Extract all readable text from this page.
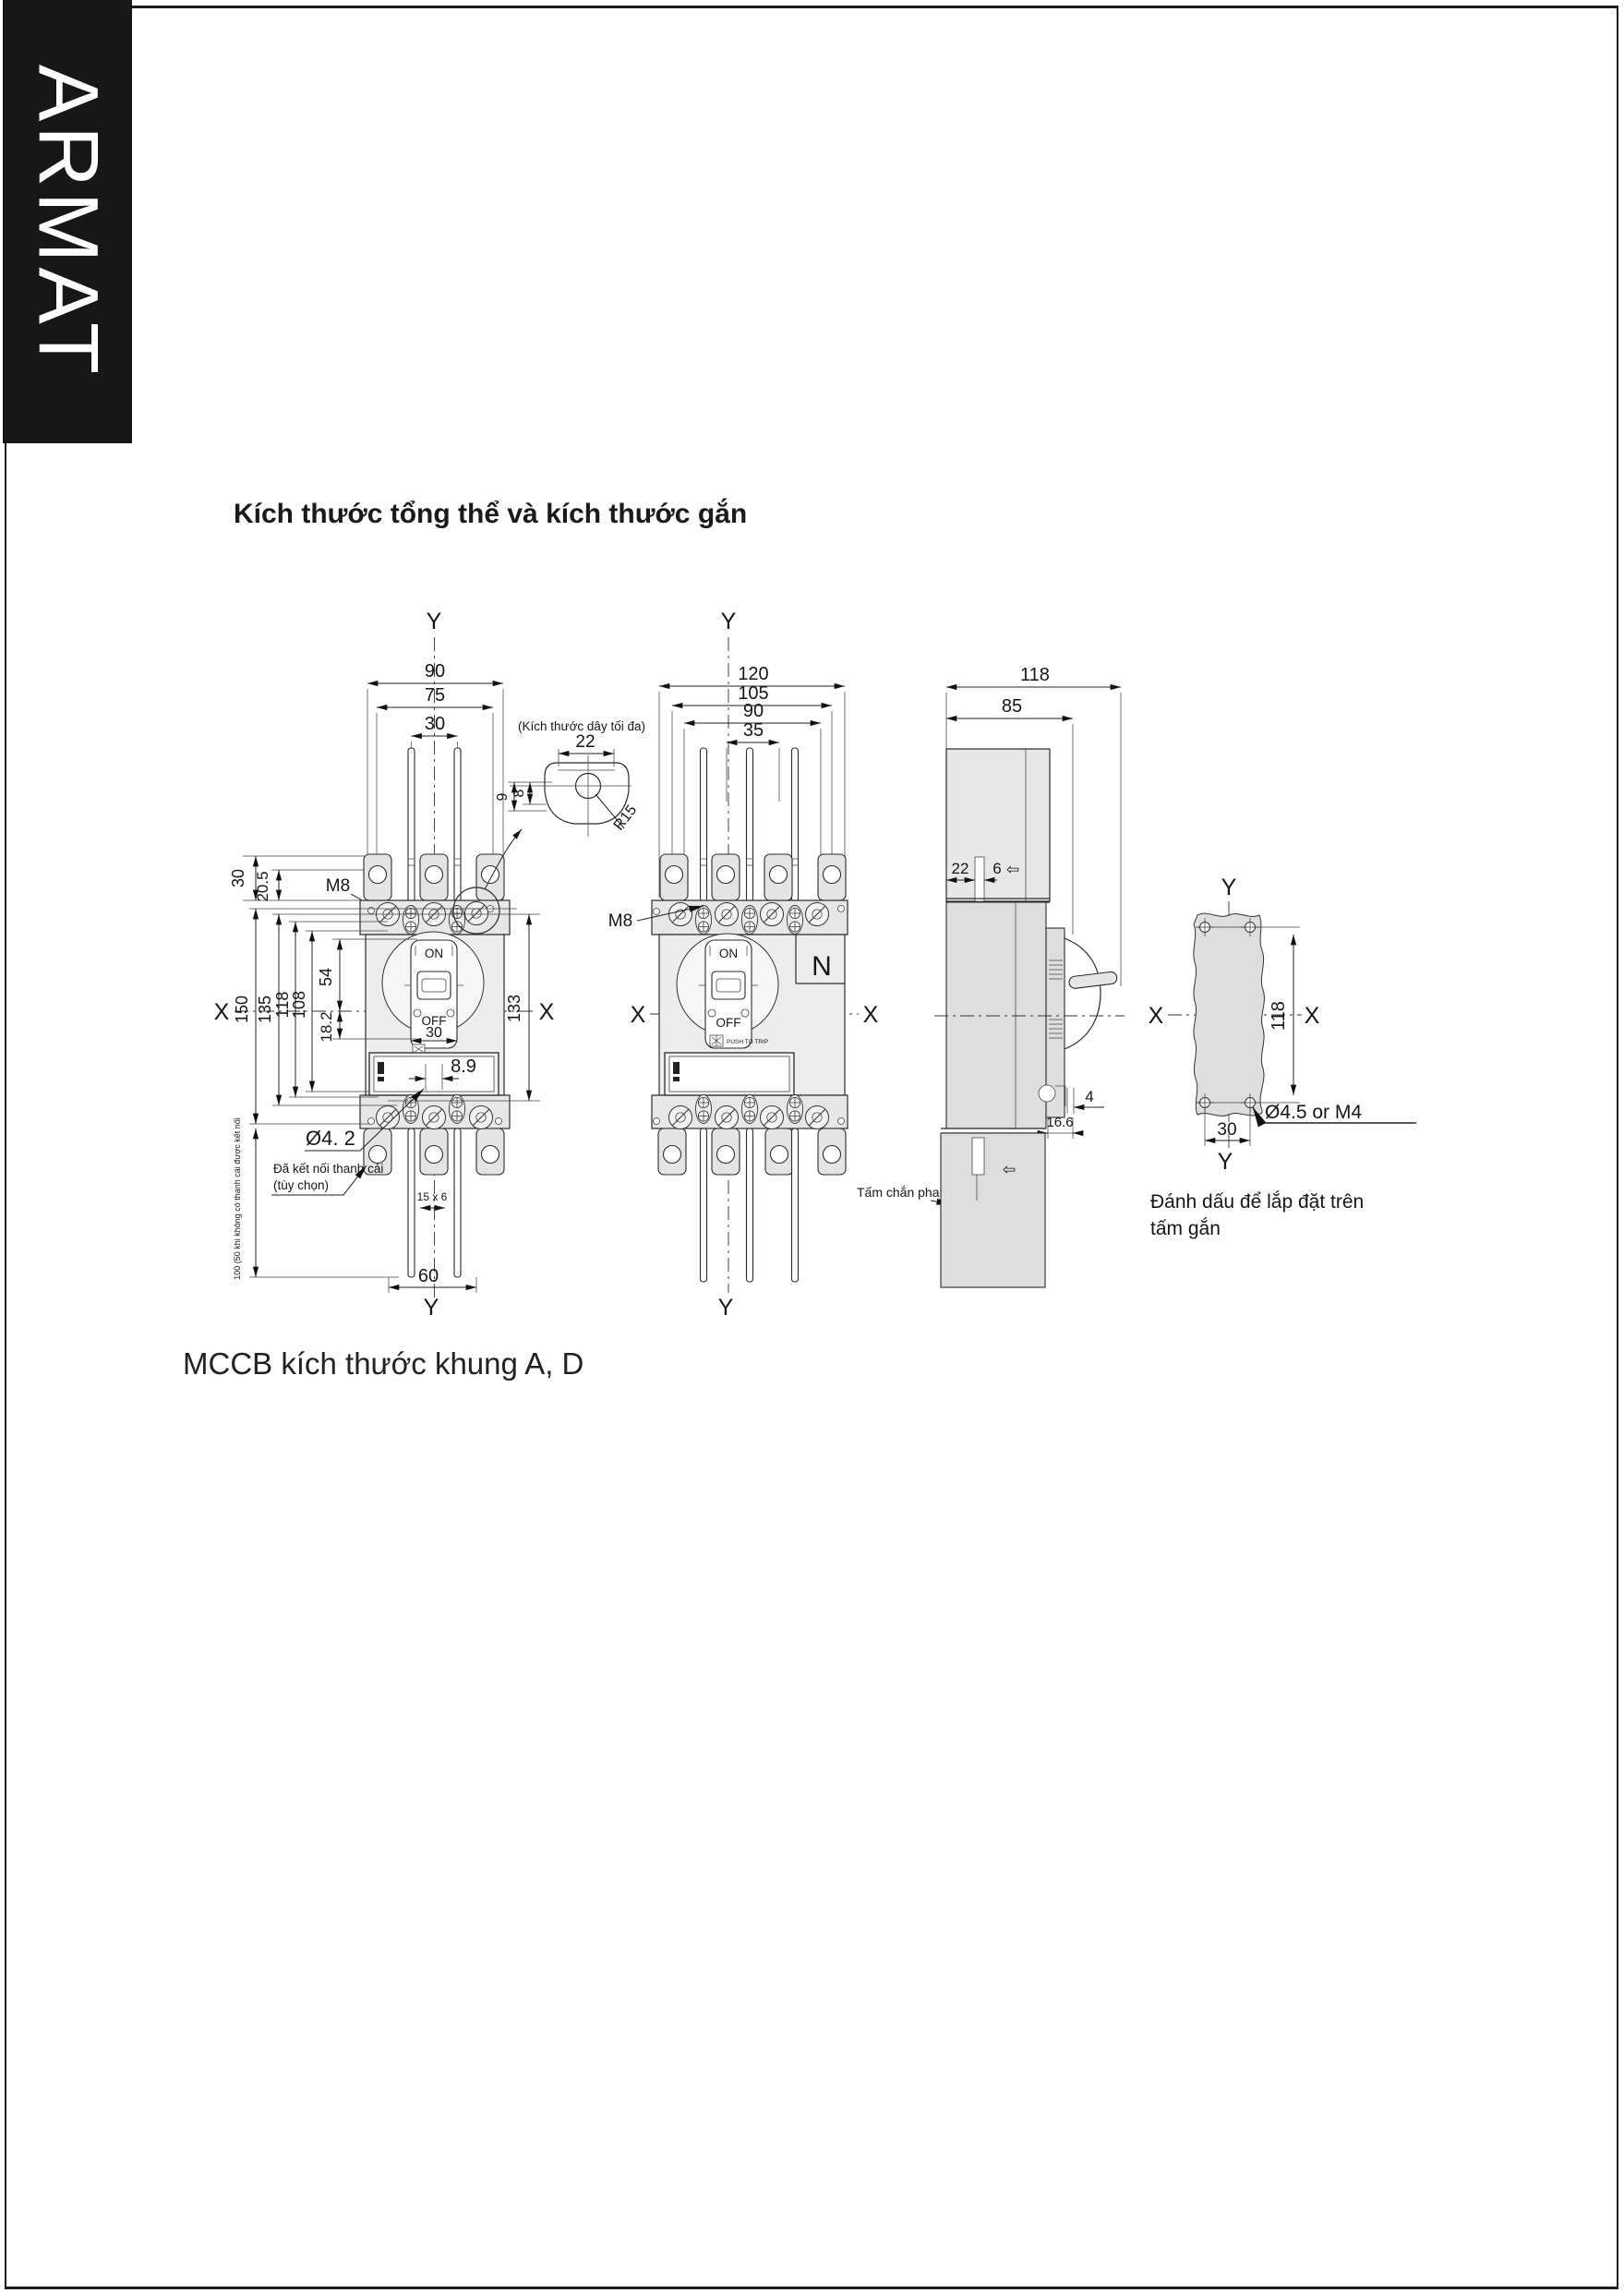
ARMAT
Kích thước tổng thể và kích thước gắn
MCCB kích thước khung A, D
Y
Y
X	X
90
75
30
30 20.5	M8
ON
OFF
30
8.9
150 135 118
108
54
18.2
133
100 (50 khi không có thanh cái được kết nối	Ø4. 2
Đã kết nối thanh cái
(tùy chọn)
15 x 6
60
(Kích thước dây tối đa)
22
9 8
R15
Y
Y
X	X
120
105
90
35
M8
N
ON
OFF
PUSH TO TRIP
Tấm chắn pha
118
85
22 6 ⇦
4
16.6
⇦
Y
X	X
118
30
Y
Ø4.5 or M4
Đánh dấu để lắp đặt trên
tấm gắn
